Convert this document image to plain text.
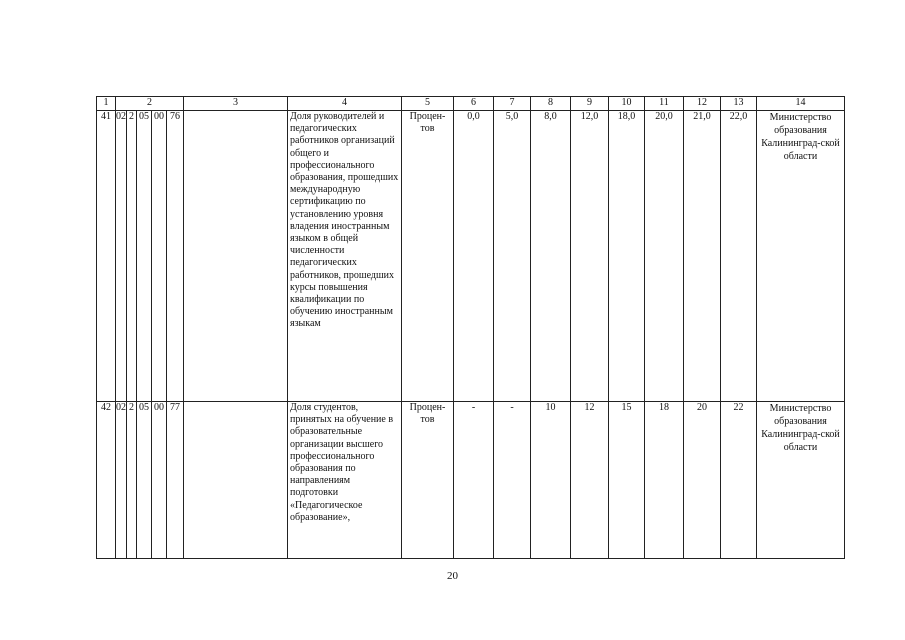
1	2					3	4	5	6	7	8	9	10	11	12	13	14
41	02	2	05	00	76		Доля руководителей и педагогических работников организаций общего и профессионального образования, прошедших международную сертификацию по установлению уровня владения иностранным языком в общей численности педагогических работников, прошедших курсы повышения квалификации по обучению иностранным языкам	Процен-тов	0,0	5,0	8,0	12,0	18,0	20,0	21,0	22,0	Министерство образования Калининград-ской области
42	02	2	05	00	77		Доля студентов, принятых на обучение в образовательные организации высшего профессионального образования по направлениям подготовки «Педагогическое образование»,	Процен-тов	-	-	10	12	15	18	20	22	Министерство образования Калининград-ской области
20
